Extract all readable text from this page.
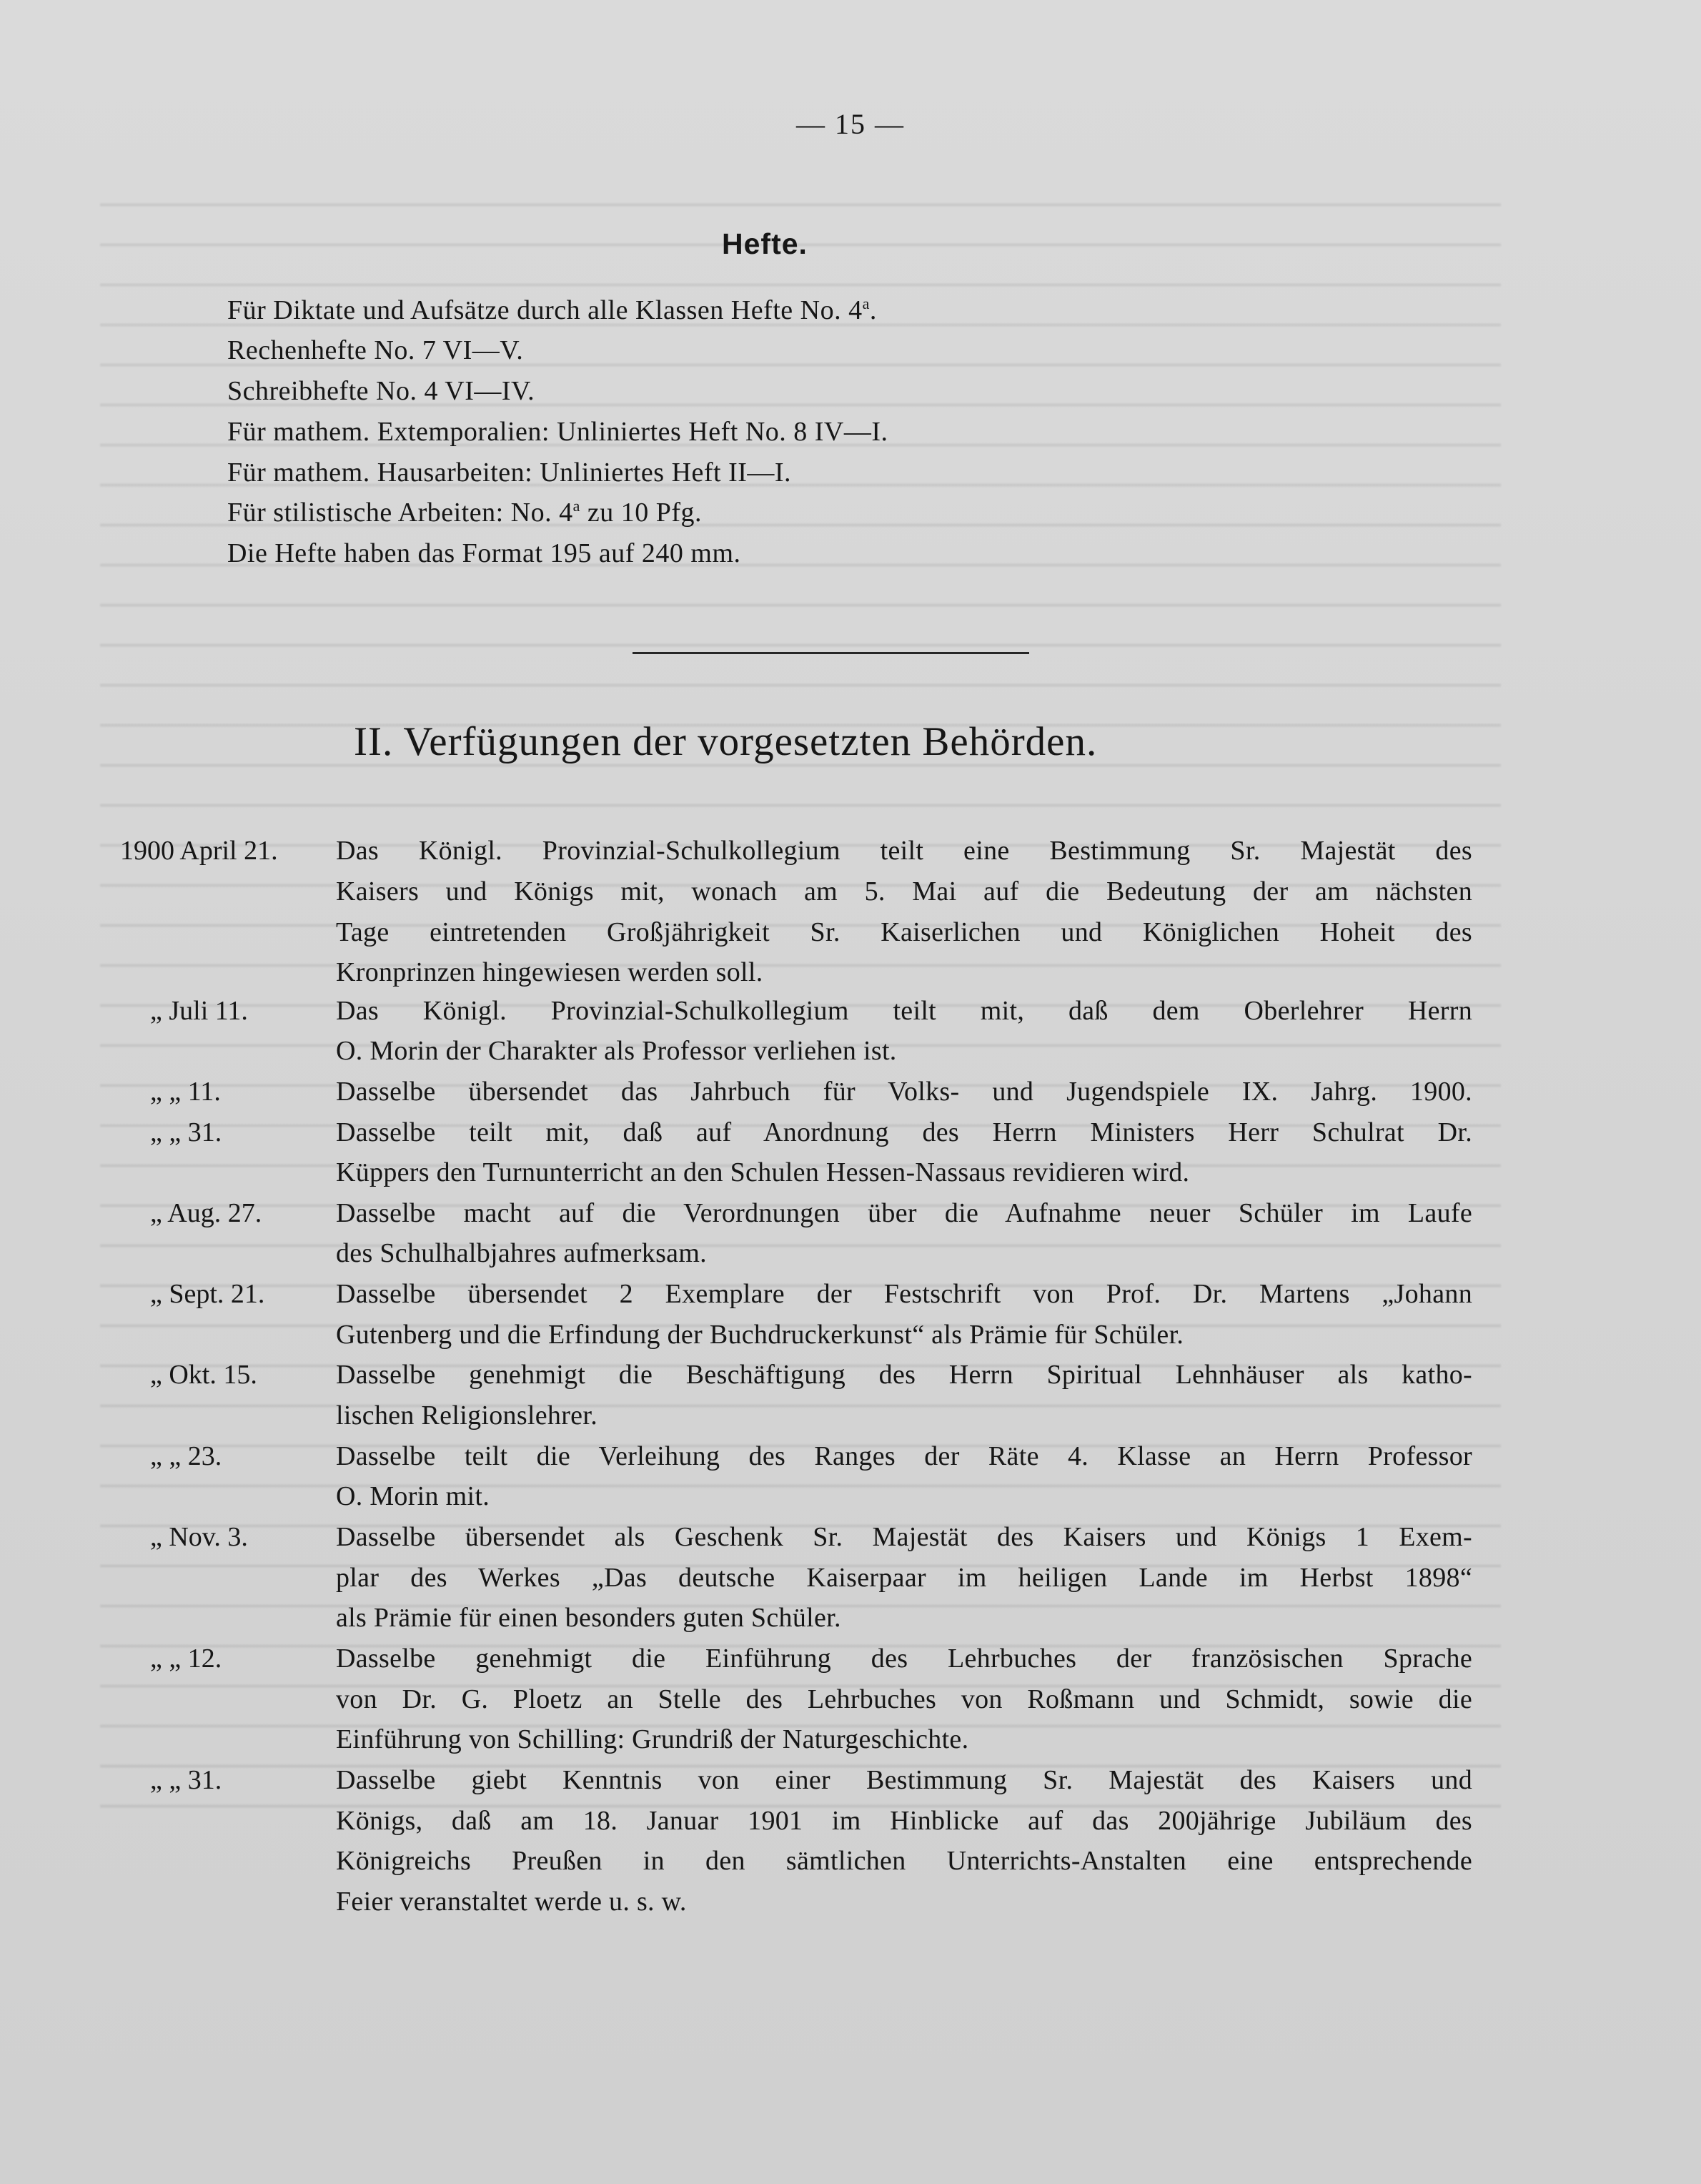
— 15 —
Hefte.
Für Diktate und Aufsätze durch alle Klassen Hefte No. 4$^a$.
Rechenhefte No. 7 VI—V.
Schreibhefte No. 4 VI—IV.
Für mathem. Extemporalien: Unliniertes Heft No. 8 IV—I.
Für mathem. Hausarbeiten: Unliniertes Heft II—I.
Für stilistische Arbeiten: No. 4$^a$ zu 10 Pfg.
Die Hefte haben das Format 195 auf 240 mm.
II. Verfügungen der vorgesetzten Behörden.
1900 April 21. Das Königl. Provinzial-Schulkollegium teilt eine Bestimmung Sr. Majestät des
Kaisers und Königs mit, wonach am 5. Mai auf die Bedeutung der am nächsten
Tage eintretenden Großjährigkeit Sr. Kaiserlichen und Königlichen Hoheit des
Kronprinzen hingewiesen werden soll.
„ Juli 11.	Das Königl. Provinzial-Schulkollegium teilt mit, daß dem Oberlehrer Herrn
O. Morin der Charakter als Professor verliehen ist.
„ „ 11.	Dasselbe übersendet das Jahrbuch für Volks- und Jugendspiele IX. Jahrg. 1900.
„ „ 31.	Dasselbe teilt mit, daß auf Anordnung des Herrn Ministers Herr Schulrat Dr.
Küppers den Turnunterricht an den Schulen Hessen-Nassaus revidieren wird.
„ Aug. 27.	Dasselbe macht auf die Verordnungen über die Aufnahme neuer Schüler im Laufe
des Schulhalbjahres aufmerksam.
„ Sept. 21.	Dasselbe übersendet 2 Exemplare der Festschrift von Prof. Dr. Martens „Johann
Gutenberg und die Erfindung der Buchdruckerkunst“ als Prämie für Schüler.
„ Okt. 15.	Dasselbe genehmigt die Beschäftigung des Herrn Spiritual Lehnhäuser als katho-
lischen Religionslehrer.
„ „ 23.	Dasselbe teilt die Verleihung des Ranges der Räte 4. Klasse an Herrn Professor
O. Morin mit.
„ Nov. 3.	Dasselbe übersendet als Geschenk Sr. Majestät des Kaisers und Königs 1 Exem-
plar des Werkes „Das deutsche Kaiserpaar im heiligen Lande im Herbst 1898“
als Prämie für einen besonders guten Schüler.
„ „ 12.	Dasselbe genehmigt die Einführung des Lehrbuches der französischen Sprache
von Dr. G. Ploetz an Stelle des Lehrbuches von Roßmann und Schmidt, sowie die
Einführung von Schilling: Grundriß der Naturgeschichte.
„ „ 31.	Dasselbe giebt Kenntnis von einer Bestimmung Sr. Majestät des Kaisers und
Königs, daß am 18. Januar 1901 im Hinblicke auf das 200jährige Jubiläum des
Königreichs Preußen in den sämtlichen Unterrichts-Anstalten eine entsprechende
Feier veranstaltet werde u. s. w.
